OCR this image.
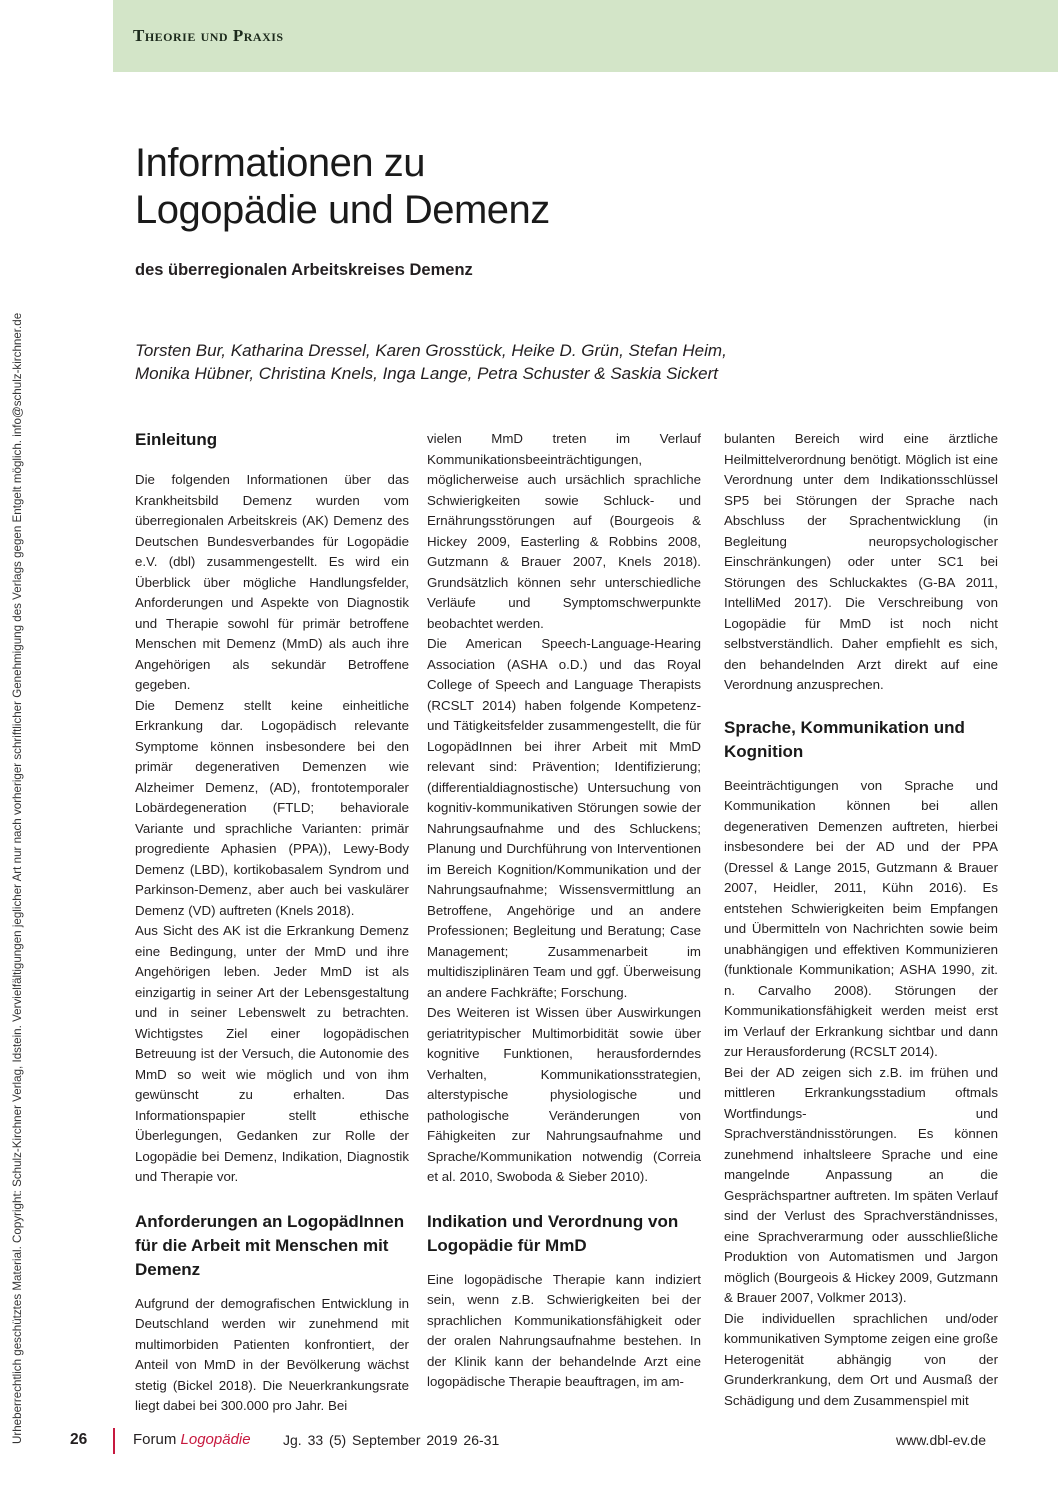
Theorie und Praxis
Urheberrechtlich geschütztes Material. Copyright: Schulz-Kirchner Verlag, Idstein. Vervielfältigungen jeglicher Art nur nach vorheriger schriftlicher Genehmigung des Verlags gegen Entgelt möglich. info@schulz-kirchner.de
Informationen zu
Logopädie und Demenz
des überregionalen Arbeitskreises Demenz
Torsten Bur, Katharina Dressel, Karen Grosstück, Heike D. Grün, Stefan Heim,
Monika Hübner, Christina Knels, Inga Lange, Petra Schuster & Saskia Sickert
Einleitung

Die folgenden Informationen über das Krankheitsbild Demenz wurden vom überregionalen Arbeitskreis (AK) Demenz des Deutschen Bundesverbandes für Logopädie e.V. (dbl) zusammengestellt. Es wird ein Überblick über mögliche Handlungsfelder, Anforderungen und Aspekte von Diagnostik und Therapie sowohl für primär betroffene Menschen mit Demenz (MmD) als auch ihre Angehörigen als sekundär Betroffene gegeben.

Die Demenz stellt keine einheitliche Erkrankung dar. Logopädisch relevante Symptome können insbesondere bei den primär degenerativen Demenzen wie Alzheimer Demenz, (AD), frontotemporaler Lobärdegeneration (FTLD; behaviorale Variante und sprachliche Varianten: primär progrediente Aphasien (PPA)), Lewy-Body Demenz (LBD), kortikobasalem Syndrom und Parkinson-Demenz, aber auch bei vaskulärer Demenz (VD) auftreten (Knels 2018).

Aus Sicht des AK ist die Erkrankung Demenz eine Bedingung, unter der MmD und ihre Angehörigen leben. Jeder MmD ist als einzigartig in seiner Art der Lebensgestaltung und in seiner Lebenswelt zu betrachten. Wichtigstes Ziel einer logopädischen Betreuung ist der Versuch, die Autonomie des MmD so weit wie möglich und von ihm gewünscht zu erhalten. Das Informationspapier stellt ethische Überlegungen, Gedanken zur Rolle der Logopädie bei Demenz, Indikation, Diagnostik und Therapie vor.

Anforderungen an LogopädInnen für die Arbeit mit Menschen mit Demenz

Aufgrund der demografischen Entwicklung in Deutschland werden wir zunehmend mit multimorbiden Patienten konfrontiert, der Anteil von MmD in der Bevölkerung wächst stetig (Bickel 2018). Die Neuerkrankungsrate liegt dabei bei 300.000 pro Jahr. Bei

vielen MmD treten im Verlauf Kommunikationsbeeinträchtigungen, möglicherweise auch ursächlich sprachliche Schwierigkeiten sowie Schluck- und Ernährungsstörungen auf (Bourgeois & Hickey 2009, Easterling & Robbins 2008, Gutzmann & Brauer 2007, Knels 2018). Grundsätzlich können sehr unterschiedliche Verläufe und Symptomschwerpunkte beobachtet werden.

Die American Speech-Language-Hearing Association (ASHA o.D.) und das Royal College of Speech and Language Therapists (RCSLT 2014) haben folgende Kompetenz- und Tätigkeitsfelder zusammengestellt, die für LogopädInnen bei ihrer Arbeit mit MmD relevant sind: Prävention; Identifizierung; (differentialdiagnostische) Untersuchung von kognitiv-kommunikativen Störungen sowie der Nahrungsaufnahme und des Schluckens; Planung und Durchführung von Interventionen im Bereich Kognition/Kommunikation und der Nahrungsaufnahme; Wissensvermittlung an Betroffene, Angehörige und an andere Professionen; Begleitung und Beratung; Case Management; Zusammenarbeit im multidisziplinären Team und ggf. Überweisung an andere Fachkräfte; Forschung.

Des Weiteren ist Wissen über Auswirkungen geriatritypischer Multimorbidität sowie über kognitive Funktionen, herausforderndes Verhalten, Kommunikationsstrategien, alterstypische physiologische und pathologische Veränderungen von Fähigkeiten zur Nahrungsaufnahme und Sprache/Kommunikation notwendig (Correia et al. 2010, Swoboda & Sieber 2010).

Indikation und Verordnung von Logopädie für MmD

Eine logopädische Therapie kann indiziert sein, wenn z.B. Schwierigkeiten bei der sprachlichen Kommunikationsfähigkeit oder der oralen Nahrungsaufnahme bestehen. In der Klinik kann der behandelnde Arzt eine logopädische Therapie beauftragen, im am-

bulanten Bereich wird eine ärztliche Heilmittelverordnung benötigt. Möglich ist eine Verordnung unter dem Indikationsschlüssel SP5 bei Störungen der Sprache nach Abschluss der Sprachentwicklung (in Begleitung neuropsychologischer Einschränkungen) oder unter SC1 bei Störungen des Schluckaktes (G-BA 2011, IntelliMed 2017). Die Verschreibung von Logopädie für MmD ist noch nicht selbstverständlich. Daher empfiehlt es sich, den behandelnden Arzt direkt auf eine Verordnung anzusprechen.

Sprache, Kommunikation und Kognition

Beeinträchtigungen von Sprache und Kommunikation können bei allen degenerativen Demenzen auftreten, hierbei insbesondere bei der AD und der PPA (Dressel & Lange 2015, Gutzmann & Brauer 2007, Heidler, 2011, Kühn 2016). Es entstehen Schwierigkeiten beim Empfangen und Übermitteln von Nachrichten sowie beim unabhängigen und effektiven Kommunizieren (funktionale Kommunikation; ASHA 1990, zit. n. Carvalho 2008). Störungen der Kommunikationsfähigkeit werden meist erst im Verlauf der Erkrankung sichtbar und dann zur Herausforderung (RCSLT 2014).

Bei der AD zeigen sich z.B. im frühen und mittleren Erkrankungsstadium oftmals Wortfindungs- und Sprachverständnisstörungen. Es können zunehmend inhaltsleere Sprache und eine mangelnde Anpassung an die Gesprächspartner auftreten. Im späten Verlauf sind der Verlust des Sprachverständnisses, eine Sprachverarmung oder ausschließliche Produktion von Automatismen und Jargon möglich (Bourgeois & Hickey 2009, Gutzmann & Brauer 2007, Volkmer 2013).

Die individuellen sprachlichen und/oder kommunikativen Symptome zeigen eine große Heterogenität abhängig von der Grunderkrankung, dem Ort und Ausmaß der Schädigung und dem Zusammenspiel mit

26	Forum Logopädie Jg. 33 (5) September 2019 26-31	www.dbl-ev.de
